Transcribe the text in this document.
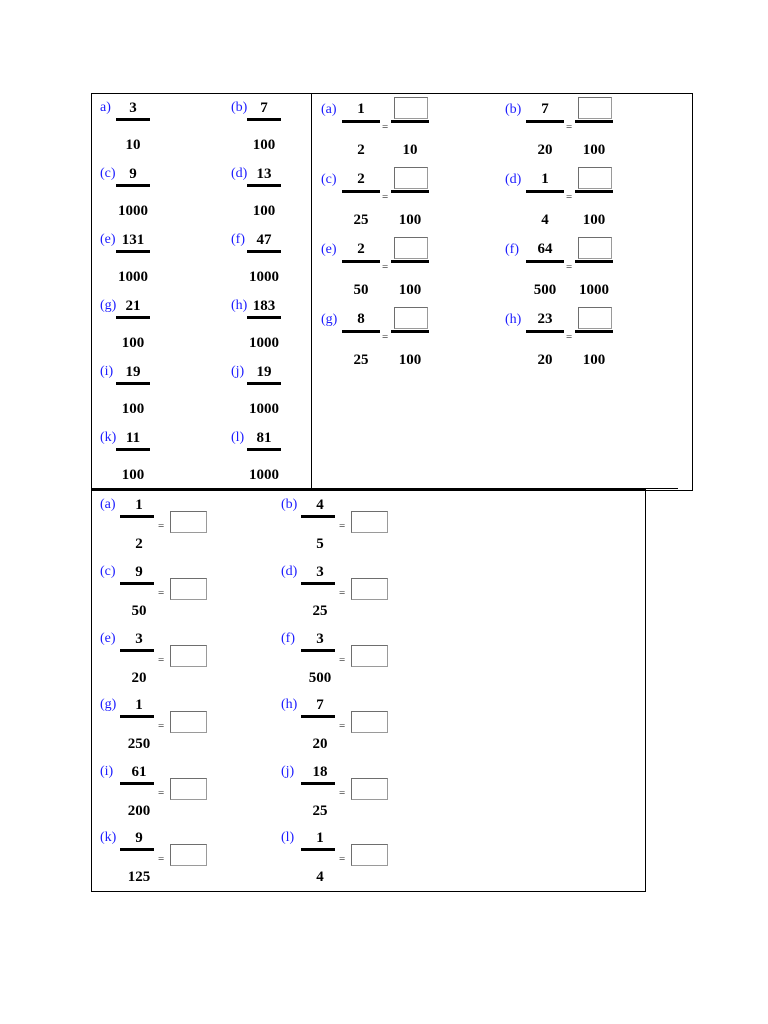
a)	3
10
(b) 7
100
(c) 9
1000
(d) 13
100
(e) 131
1000
(f) 47
1000
(g) 21
100
(h) 183
1000
(i) 19
100
(j) 19
1000
(k) 11
100
(l) 81
1000
(a)	1
2
=
10
(b)	7
20
=
100
(c)	2
25
=
100
(d)	1
4
=
100
(e)	2
50
=
100
(f)	64
500
=
1000
(g)	8
25
=
100
(h)	23
20
=
100
(a)	1
2
=
(b)	4
5
=
(c)	9
50
=
(d)	3
25
=
(e)	3
20
=
(f)	3
500
=
(g)	1
250
=
(h)	7
20
=
(i)	61
200
=
(j)	18
25
=
(k)	9
125
=
(l)	1
4
=
